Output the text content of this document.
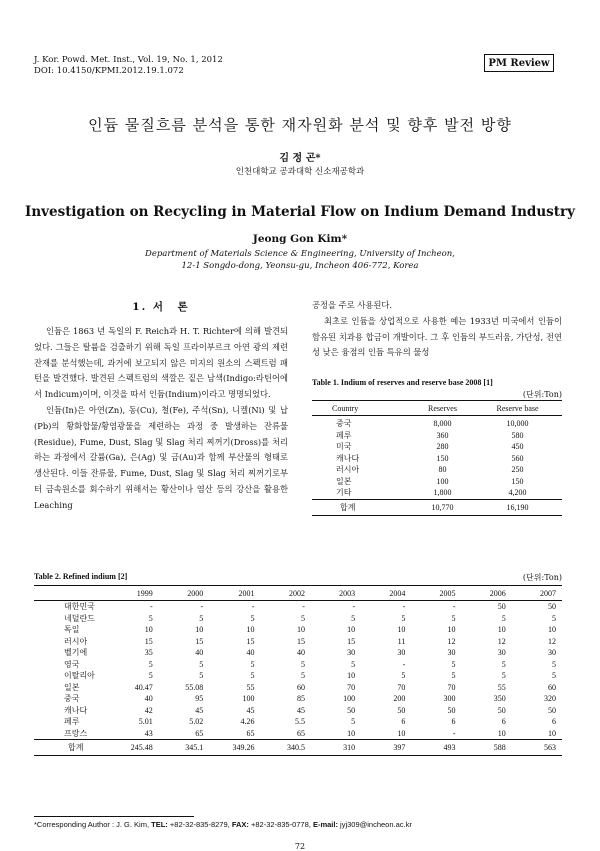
J. Kor. Powd. Met. Inst., Vol. 19, No. 1, 2012
DOI: 10.4150/KPMI.2012.19.1.072
PM Review
인듐 물질흐름 분석을 통한 재자원화 분석 및 향후 발전 방향
김 정 곤*
인천대학교 공과대학 신소재공학과
Investigation on Recycling in Material Flow on Indium Demand Industry
Jeong Gon Kim*
Department of Materials Science & Engineering, University of Incheon,
12-1 Songdo-dong, Yeonsu-gu, Incheon 406-772, Korea
1. 서　론

인듐은 1863 년 독일의 F. Reich과 H. T. Richter에 의해 발견되었다. 그들은 탈륨을 검출하기 위해 독일 프라이부르크 아연 광의 제련 잔재를 분석했는데, 과거에 보고되지 않은 미지의 원소의 스펙트럼 패턴을 발견했다. 발견된 스펙트럼의 색깔은 짙은 남색(Indigo:라틴어에서 Indicum)이며, 이것을 따서 인듐(Indium)이라고 명명되었다.

인듐(In)은 아연(Zn), 동(Cu), 철(Fe), 주석(Sn), 니켈(Ni) 및 납(Pb)의 황화합물/황염광물을 제련하는 과정 중 발생하는 잔류물(Residue), Fume, Dust, Slag 및 Slag 처리 찌꺼기(Dross)를 처리하는 과정에서 갈륨(Ga), 은(Ag) 및 금(Au)과 함께 부산물의 형태로 생산된다. 이들 잔류물, Fume, Dust, Slag 및 Slag 처리 찌꺼기로부터 금속원소를 회수하기 위해서는 황산이나 염산 등의 강산을 활용한 Leaching

공정을 주로 사용된다.

최초로 인듐을 상업적으로 사용한 예는 1933년 미국에서 인듐이 함유된 치과용 합금이 개발이다. 그 후 인듐의 부드러움, 가단성, 전연성 낮은 융점의 인듐 특유의 물성

Table 1. Indium of reserves and reserve base 2008 [1]
(단위:Ton)
Country	Reserves	Reserve base
중국	8,000	10,000
페루	360	580
미국	280	450
캐나다	150	560
러시아	80	250
일본	100	150
기타	1,800	4,200
합계	10,770	16,190
Table 2. Refined indium [2]	(단위:Ton)
	1999	2000	2001	2002	2003	2004	2005	2006	2007
대한민국	-	-	-	-	-	-	-	50	50
네덜란드	5	5	5	5	5	5	5	5	5
독일	10	10	10	10	10	10	10	10	10
러시아	15	15	15	15	15	11	12	12	12
벨기에	35	40	40	40	30	30	30	30	30
영국	5	5	5	5	5	-	5	5	5
이탈리아	5	5	5	5	10	5	5	5	5
일본	40.47	55.08	55	60	70	70	70	55	60
중국	40	95	100	85	100	200	300	350	320
캐나다	42	45	45	45	50	50	50	50	50
페루	5.01	5.02	4.26	5.5	5	6	6	6	6
프랑스	43	65	65	65	10	10	-	10	10
합계	245.48	345.1	349.26	340.5	310	397	493	588	563
*Corresponding Author : J. G. Kim, TEL: +82-32-835-8279, FAX: +82-32-835-0778, E-mail: jyj309@incheon.ac.kr
72
